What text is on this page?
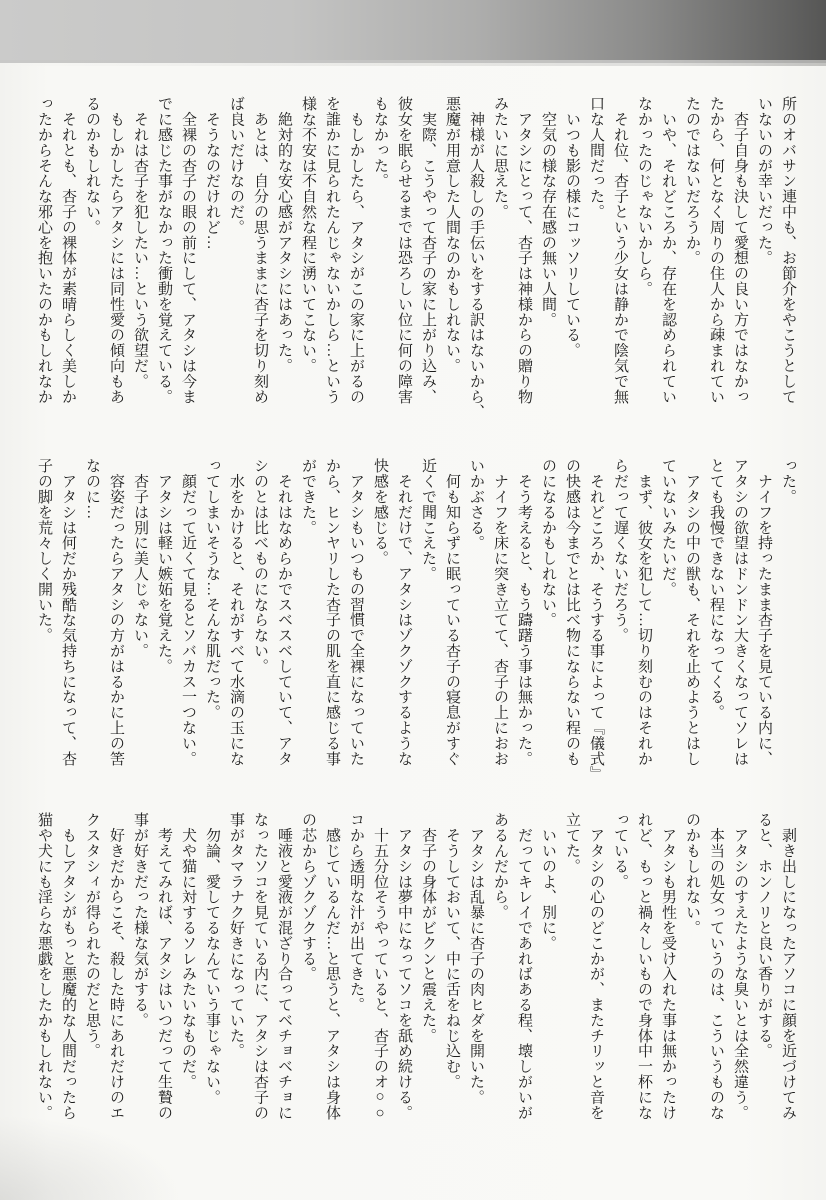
所のオバサン連中も、お節介をやこうとして
いないのが幸いだった。
　杏子自身も決して愛想の良い方ではなかっ
たから、何となく周りの住人から疎まれてい
たのではないだろうか。
　いや、それどころか、存在を認められてい
なかったのじゃないかしら。
　それ位、杏子という少女は静かで陰気で無
口な人間だった。
　いつも影の様にコッソリしている。
　空気の様な存在感の無い人間。
　アタシにとって、杏子は神様からの贈り物
みたいに思えた。
　神様が人殺しの手伝いをする訳はないから、
悪魔が用意した人間なのかもしれない。
　実際、こうやって杏子の家に上がり込み、
彼女を眠らせるまでは恐ろしい位に何の障害
もなかった。
　もしかしたら、アタシがこの家に上がるの
を誰かに見られたんじゃないかしら…という
様な不安は不自然な程に湧いてこない。
　絶対的な安心感がアタシにはあった。
　あとは、自分の思うままに杏子を切り刻め
ば良いだけなのだ。
　そうなのだけれど…
　全裸の杏子の眼の前にして、アタシは今ま
でに感じた事がなかった衝動を覚えている。
　それは杏子を犯したい…という欲望だ。
　もしかしたらアタシには同性愛の傾向もあ
るのかもしれない。
　それとも、杏子の裸体が素晴らしく美しか
ったからそんな邪心を抱いたのかもしれなか
った。
　ナイフを持ったまま杏子を見ている内に、
アタシの欲望はドンドン大きくなってソレは
とても我慢できない程になってくる。
　アタシの中の獣も、それを止めようとはし
ていないみたいだ。
　まず、彼女を犯して…切り刻むのはそれか
らだって遅くないだろう。
　それどころか、そうする事によって『儀式』
の快感は今までとは比べ物にならない程のも
のになるかもしれない。
　そう考えると、もう躊躇う事は無かった。
　ナイフを床に突き立てて、杏子の上におお
いかぶさる。
　何も知らずに眠っている杏子の寝息がすぐ
近くで聞こえた。
　それだけで、アタシはゾクゾクするような
快感を感じる。
　アタシもいつもの習慣で全裸になっていた
から、ヒンヤリした杏子の肌を直に感じる事
ができた。
　それはなめらかでスベスベしていて、アタ
シのとは比べものにならない。
　水をかけると、それがすべて水滴の玉にな
ってしまいそうな…そんな肌だった。
　顔だって近くて見るとソバカス一つない。
　アタシは軽い嫉妬を覚えた。
　杏子は別に美人じゃない。
　容姿だったらアタシの方がはるかに上の筈
なのに…
　アタシは何だか残酷な気持ちになって、杏
子の脚を荒々しく開いた。
　剥き出しになったアソコに顔を近づけてみ
ると、ホンノリと良い香りがする。
　アタシのすえたような臭いとは全然違う。
　本当の処女っていうのは、こういうものな
のかもしれない。
　アタシも男性を受け入れた事は無かったけ
れど、もっと禍々しいもので身体中一杯にな
っている。
　アタシの心のどこかが、またチリッと音を
立てた。
　いいのよ、別に。
　だってキレイであればある程、壊しがいが
あるんだから。
　アタシは乱暴に杏子の肉ヒダを開いた。
　そうしておいて、中に舌をねじ込む。
　杏子の身体がビクンと震えた。
　アタシは夢中になってソコを舐め続ける。
　十五分位そうやっていると、杏子のオ○○
コから透明な汁が出てきた。
　感じているんだ…と思うと、アタシは身体
の芯からゾクゾクする。
　唾液と愛液が混ざり合ってベチョベチョに
なったソコを見ている内に、アタシは杏子の
事がタマラナク好きになっていた。
　勿論、愛してるなんていう事じゃない。
　犬や猫に対するソレみたいなものだ。
　考えてみれば、アタシはいつだって生贄の
事が好きだった様な気がする。
　好きだからこそ、殺した時にあれだけのエ
クスタシィが得られたのだと思う。
　もしアタシがもっと悪魔的な人間だったら
猫や犬にも淫らな悪戯をしたかもしれない。
